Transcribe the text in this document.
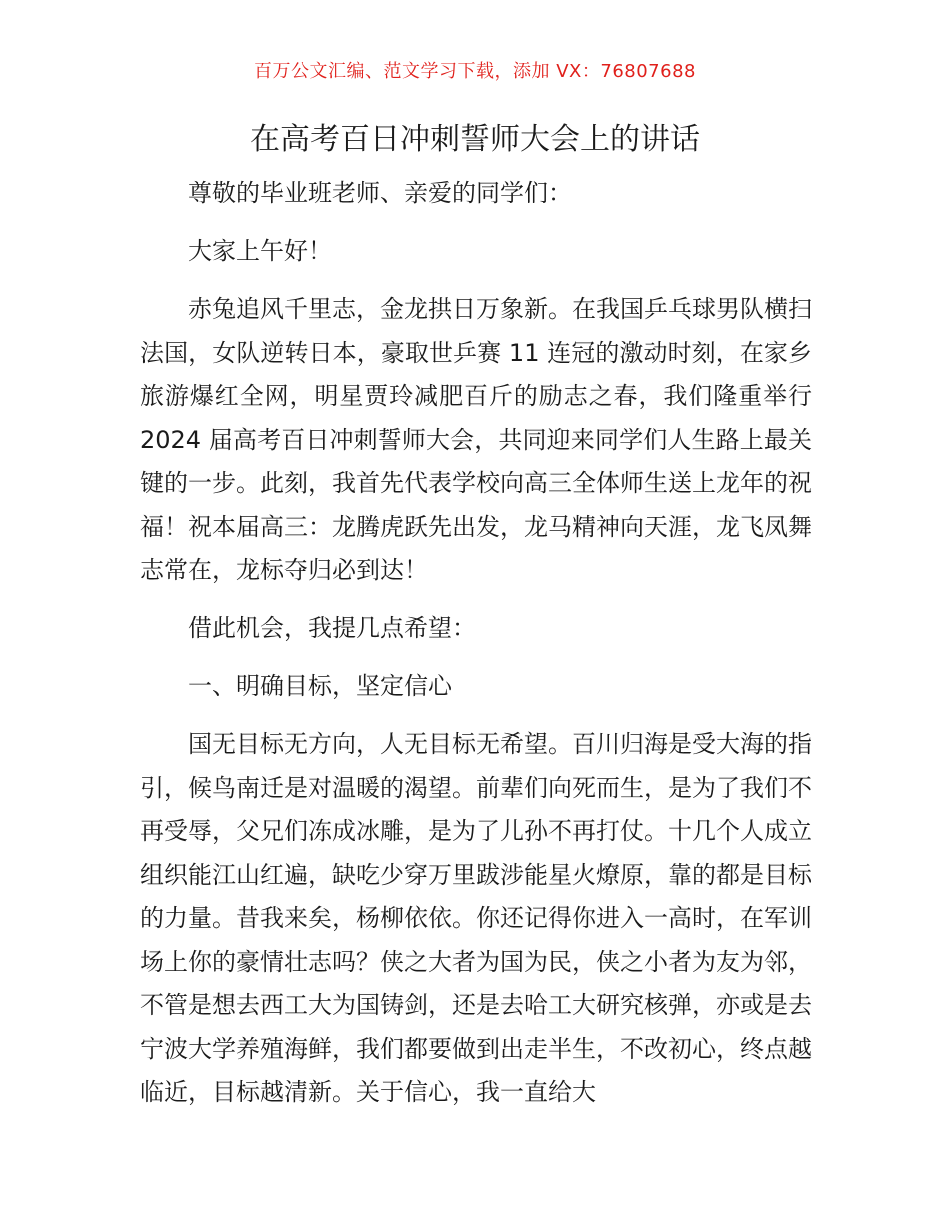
百万公文汇编、范文学习下载，添加 VX：76807688
在高考百日冲刺誓师大会上的讲话

尊敬的毕业班老师、亲爱的同学们：

大家上午好！

赤兔追风千里志，金龙拱日万象新。在我国乒乓球男队横扫法国，女队逆转日本，豪取世乒赛 11 连冠的激动时刻，在家乡旅游爆红全网，明星贾玲减肥百斤的励志之春，我们隆重举行 2024 届高考百日冲刺誓师大会，共同迎来同学们人生路上最关键的一步。此刻，我首先代表学校向高三全体师生送上龙年的祝福！祝本届高三：龙腾虎跃先出发，龙马精神向天涯，龙飞凤舞志常在，龙标夺归必到达！

借此机会，我提几点希望：

一、明确目标，坚定信心

国无目标无方向，人无目标无希望。百川归海是受大海的指引，候鸟南迁是对温暖的渴望。前辈们向死而生，是为了我们不再受辱，父兄们冻成冰雕，是为了儿孙不再打仗。十几个人成立组织能江山红遍，缺吃少穿万里跋涉能星火燎原，靠的都是目标的力量。昔我来矣，杨柳依依。你还记得你进入一高时，在军训场上你的豪情壮志吗？侠之大者为国为民，侠之小者为友为邻，不管是想去西工大为国铸剑，还是去哈工大研究核弹，亦或是去宁波大学养殖海鲜，我们都要做到出走半生，不改初心，终点越临近，目标越清新。关于信心，我一直给大
